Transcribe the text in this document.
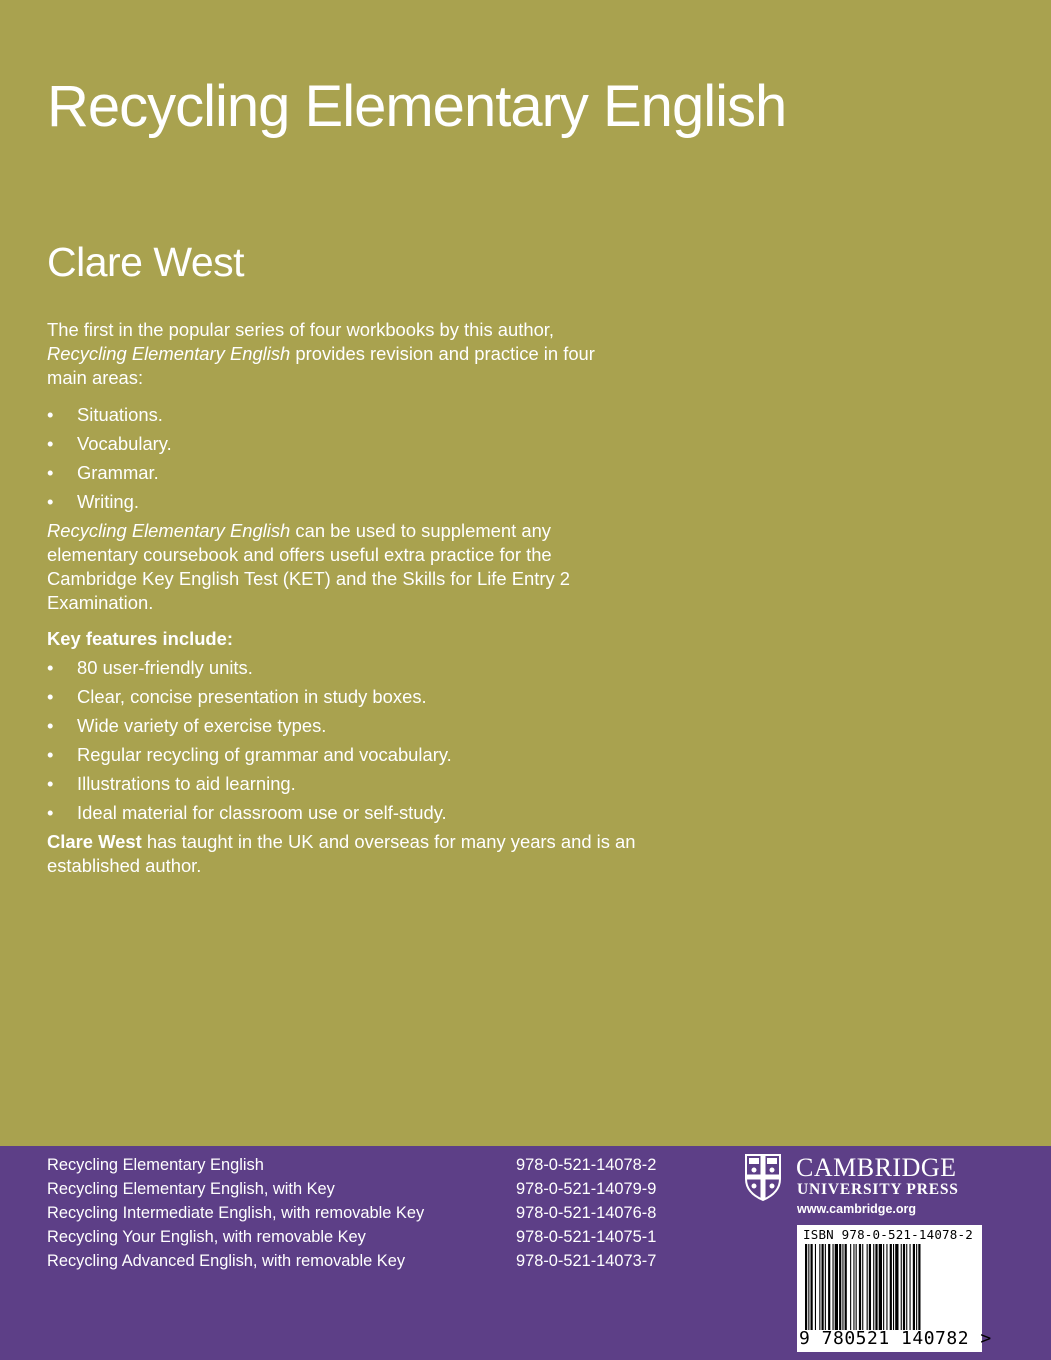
Recycling Elementary English
Clare West

The first in the popular series of four workbooks by this author, Recycling Elementary English provides revision and practice in four main areas:

• Situations.
• Vocabulary.
• Grammar.
• Writing.

Recycling Elementary English can be used to supplement any elementary coursebook and offers useful extra practice for the Cambridge Key English Test (KET) and the Skills for Life Entry 2 Examination.

Key features include:

• 80 user-friendly units.
• Clear, concise presentation in study boxes.
• Wide variety of exercise types.
• Regular recycling of grammar and vocabulary.
• Illustrations to aid learning.
• Ideal material for classroom use or self-study.

Clare West has taught in the UK and overseas for many years and is an established author.

Recycling Elementary English	978-0-521-14078-2
Recycling Elementary English, with Key	978-0-521-14079-9
Recycling Intermediate English, with removable Key	978-0-521-14076-8
Recycling Your English, with removable Key	978-0-521-14075-1
Recycling Advanced English, with removable Key	978-0-521-14073-7
CAMBRIDGE
UNIVERSITY PRESS
www.cambridge.org
ISBN 978-0-521-14078-2
9 780521 140782 >
